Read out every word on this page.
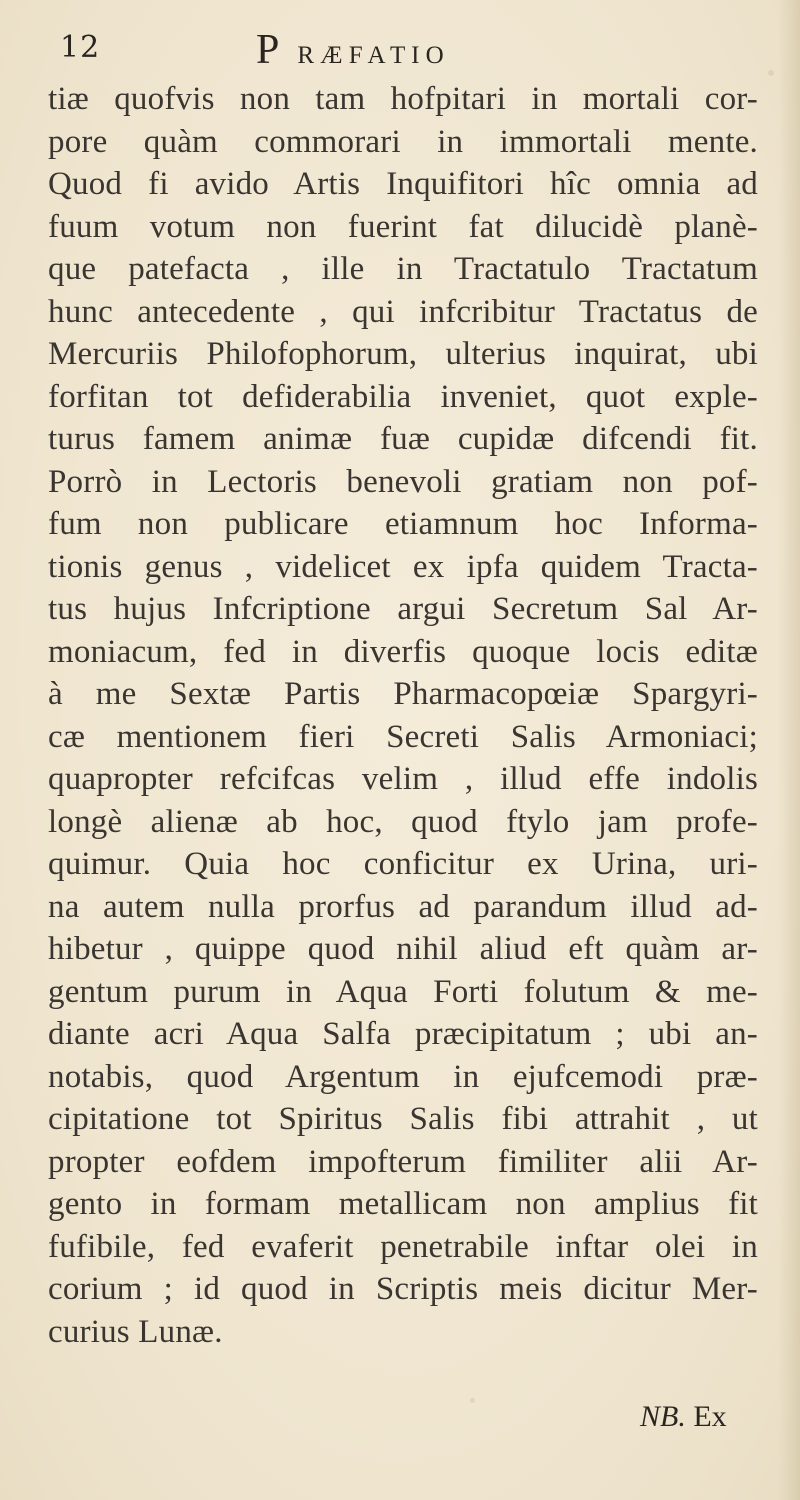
12	P R Æ F A T I O
tiæ quofvis non tam hofpitari in mortali cor-
pore quàm commorari in immortali mente.
Quod fi avido Artis Inquifitori hîc omnia ad
fuum votum non fuerint fat dilucidè planè-
que patefacta , ille in Tractatulo Tractatum
hunc antecedente , qui infcribitur Tractatus de
Mercuriis Philofophorum, ulterius inquirat, ubi
forfitan tot defiderabilia inveniet, quot exple-
turus famem animæ fuæ cupidæ difcendi fit.
Porrò in Lectoris benevoli gratiam non pof-
fum non publicare etiamnum hoc Informa-
tionis genus , videlicet ex ipfa quidem Tracta-
tus hujus Infcriptione argui Secretum Sal Ar-
moniacum, fed in diverfis quoque locis editæ
à me Sextæ Partis Pharmacopœiæ Spargyri-
cæ mentionem fieri Secreti Salis Armoniaci;
quapropter refcifcas velim , illud effe indolis
longè alienæ ab hoc, quod ftylo jam profe-
quimur. Quia hoc conficitur ex Urina, uri-
na autem nulla prorfus ad parandum illud ad-
hibetur , quippe quod nihil aliud eft quàm ar-
gentum purum in Aqua Forti folutum & me-
diante acri Aqua Salfa præcipitatum ; ubi an-
notabis, quod Argentum in ejufcemodi præ-
cipitatione tot Spiritus Salis fibi attrahit , ut
propter eofdem impofterum fimiliter alii Ar-
gento in formam metallicam non amplius fit
fufibile, fed evaferit penetrabile inftar olei in
corium ; id quod in Scriptis meis dicitur Mer-
curius Lunæ.
NB. Ex
